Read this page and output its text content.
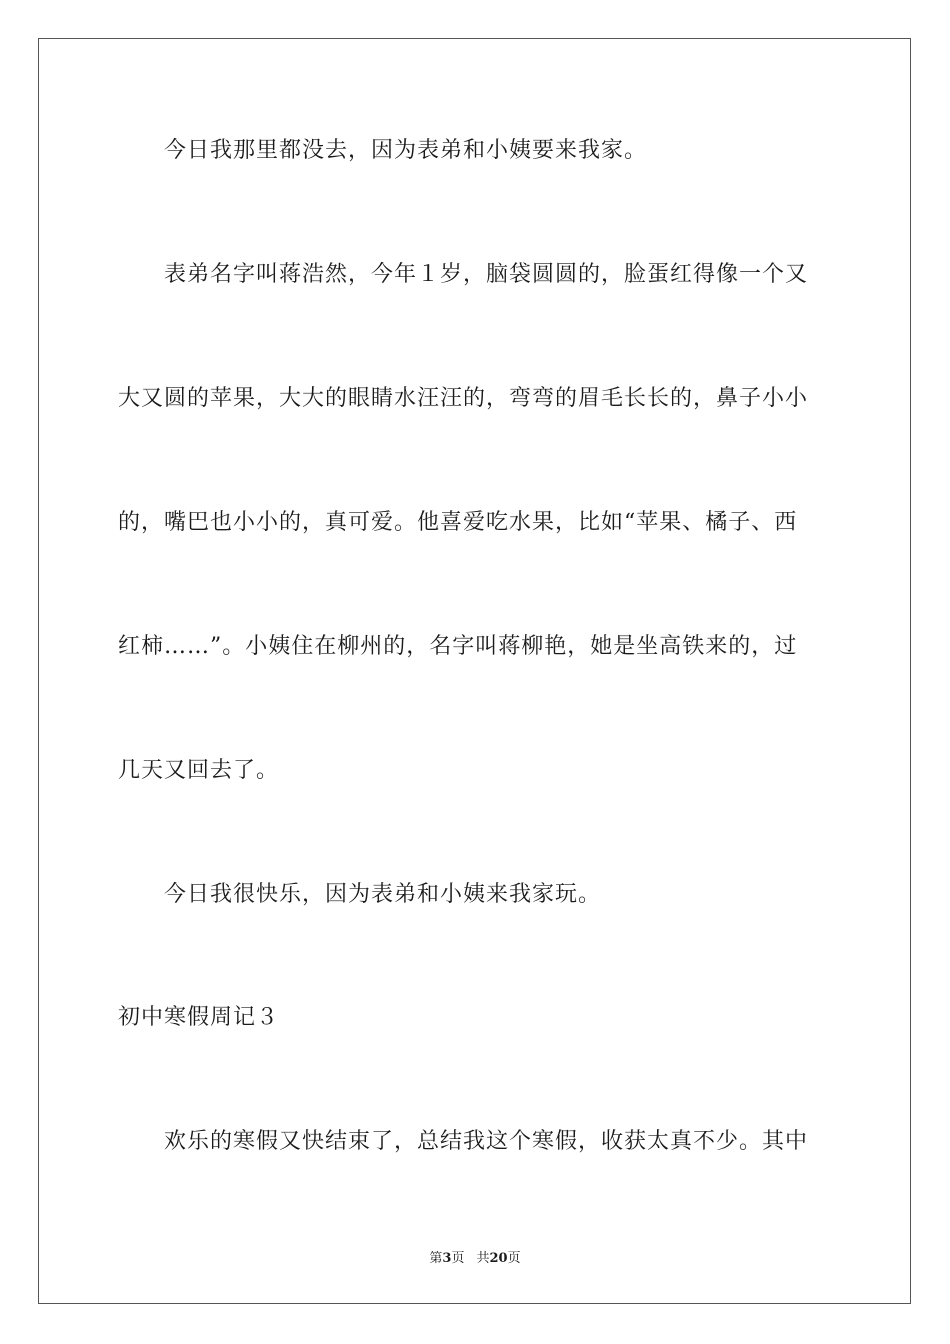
今日我那里都没去，因为表弟和小姨要来我家。
表弟名字叫蒋浩然，今年１岁，脑袋圆圆的，脸蛋红得像一个又
大又圆的苹果，大大的眼睛水汪汪的，弯弯的眉毛长长的，鼻子小小
的，嘴巴也小小的，真可爱。他喜爱吃水果，比如“苹果、橘子、西
红柿……”。小姨住在柳州的，名字叫蒋柳艳，她是坐高铁来的，过
几天又回去了。
今日我很快乐，因为表弟和小姨来我家玩。
初中寒假周记３
欢乐的寒假又快结束了，总结我这个寒假，收获太真不少。其中
第3页 共20页
